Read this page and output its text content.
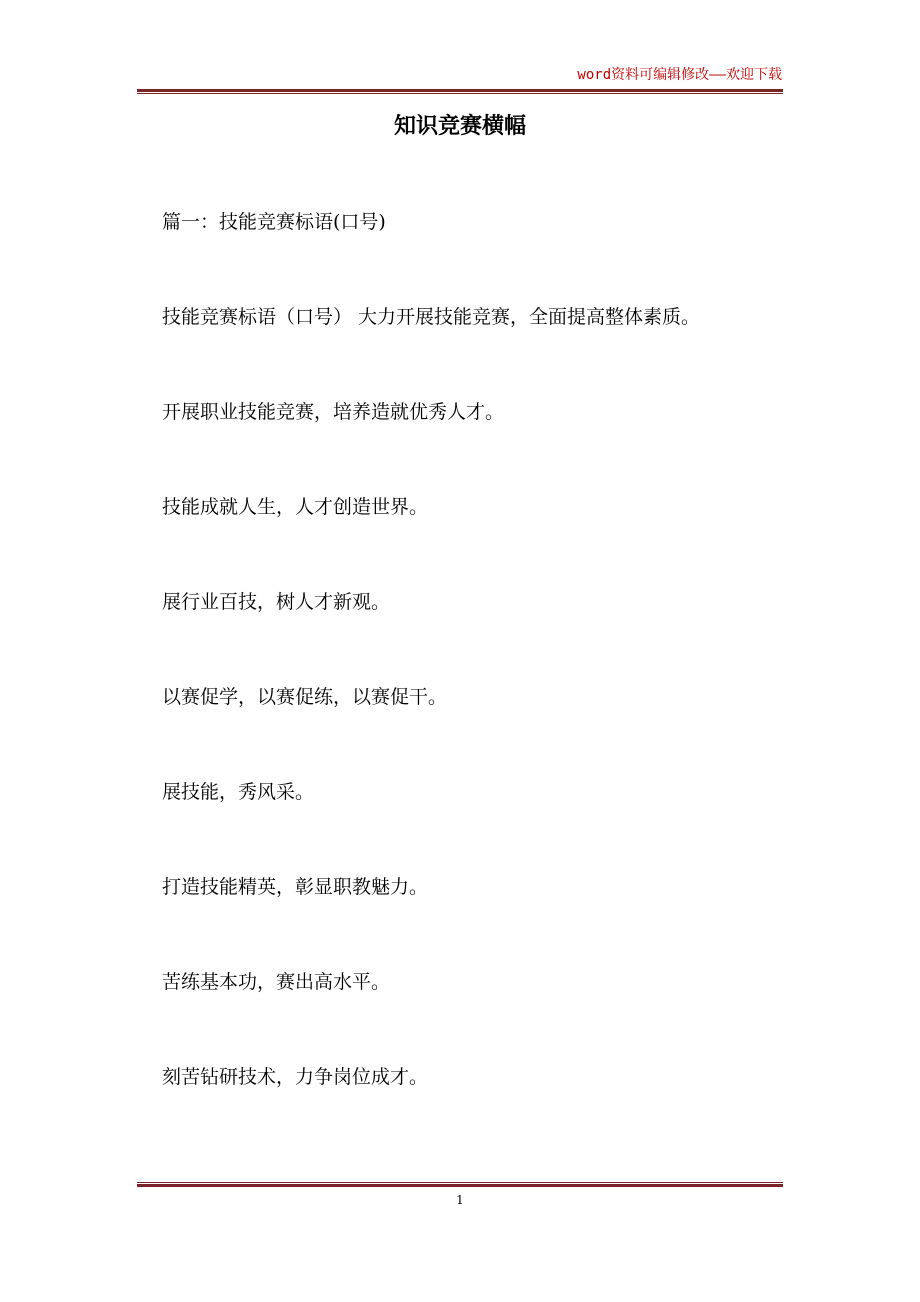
word资料可编辑修改——欢迎下载
知识竞赛横幅

篇一：技能竞赛标语(口号)

技能竞赛标语（口号） 大力开展技能竞赛，全面提高整体素质。

开展职业技能竞赛，培养造就优秀人才。

技能成就人生，人才创造世界。

展行业百技，树人才新观。

以赛促学，以赛促练，以赛促干。

展技能，秀风采。

打造技能精英，彰显职教魅力。

苦练基本功，赛出高水平。

刻苦钻研技术，力争岗位成才。

1
